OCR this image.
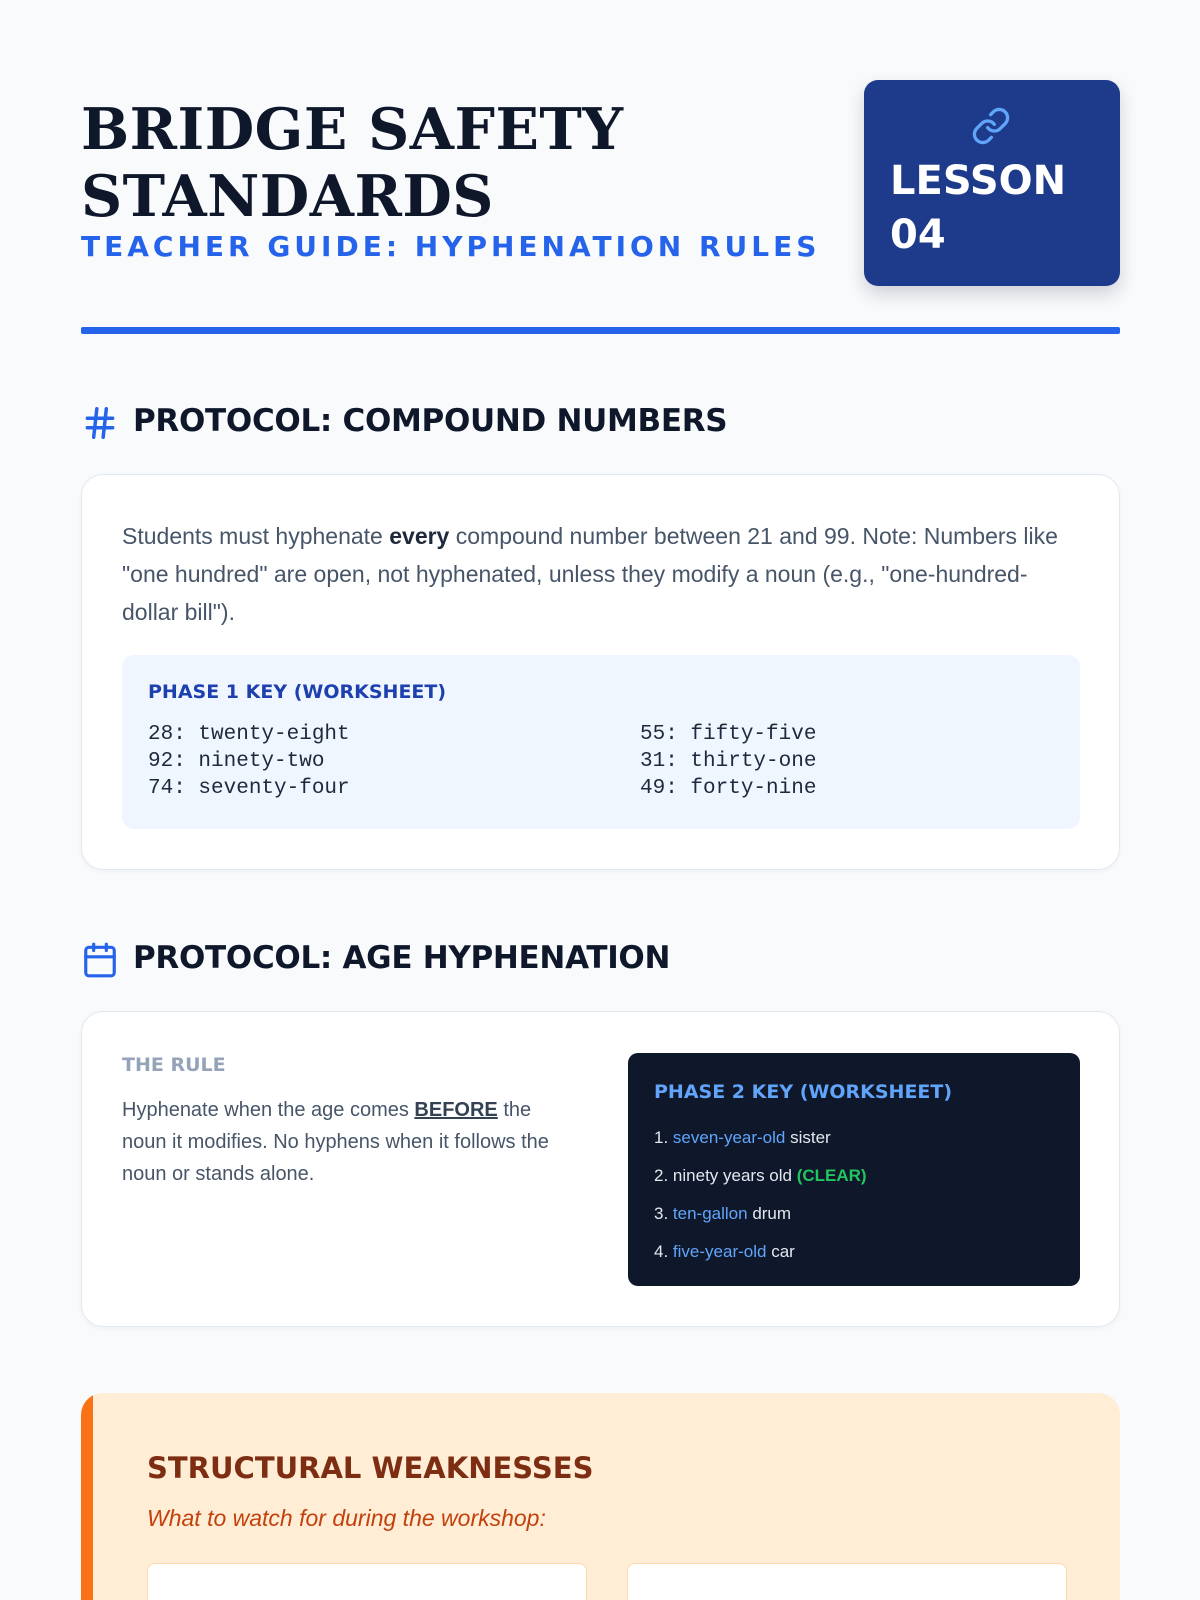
BRIDGE SAFETY
STANDARDS
TEACHER GUIDE: HYPHENATION RULES
LESSON
04
PROTOCOL: COMPOUND NUMBERS

Students must hyphenate every compound number between 21 and 99. Note: Numbers like "one hundred" are open, not hyphenated, unless they modify a noun (e.g., "one-hundred-dollar bill").

PHASE 1 KEY (WORKSHEET)
28: twenty-eight
92: ninety-two
74: seventy-four
55: fifty-five
31: thirty-one
49: forty-nine
PROTOCOL: AGE HYPHENATION
THE RULE

Hyphenate when the age comes BEFORE the noun it modifies. No hyphens when it follows the noun or stands alone.

PHASE 2 KEY (WORKSHEET)
1. seven-year-old sister
2. ninety years old (CLEAR)
3. ten-gallon drum
4. five-year-old car
STRUCTURAL WEAKNESSES
What to watch for during the workshop:
